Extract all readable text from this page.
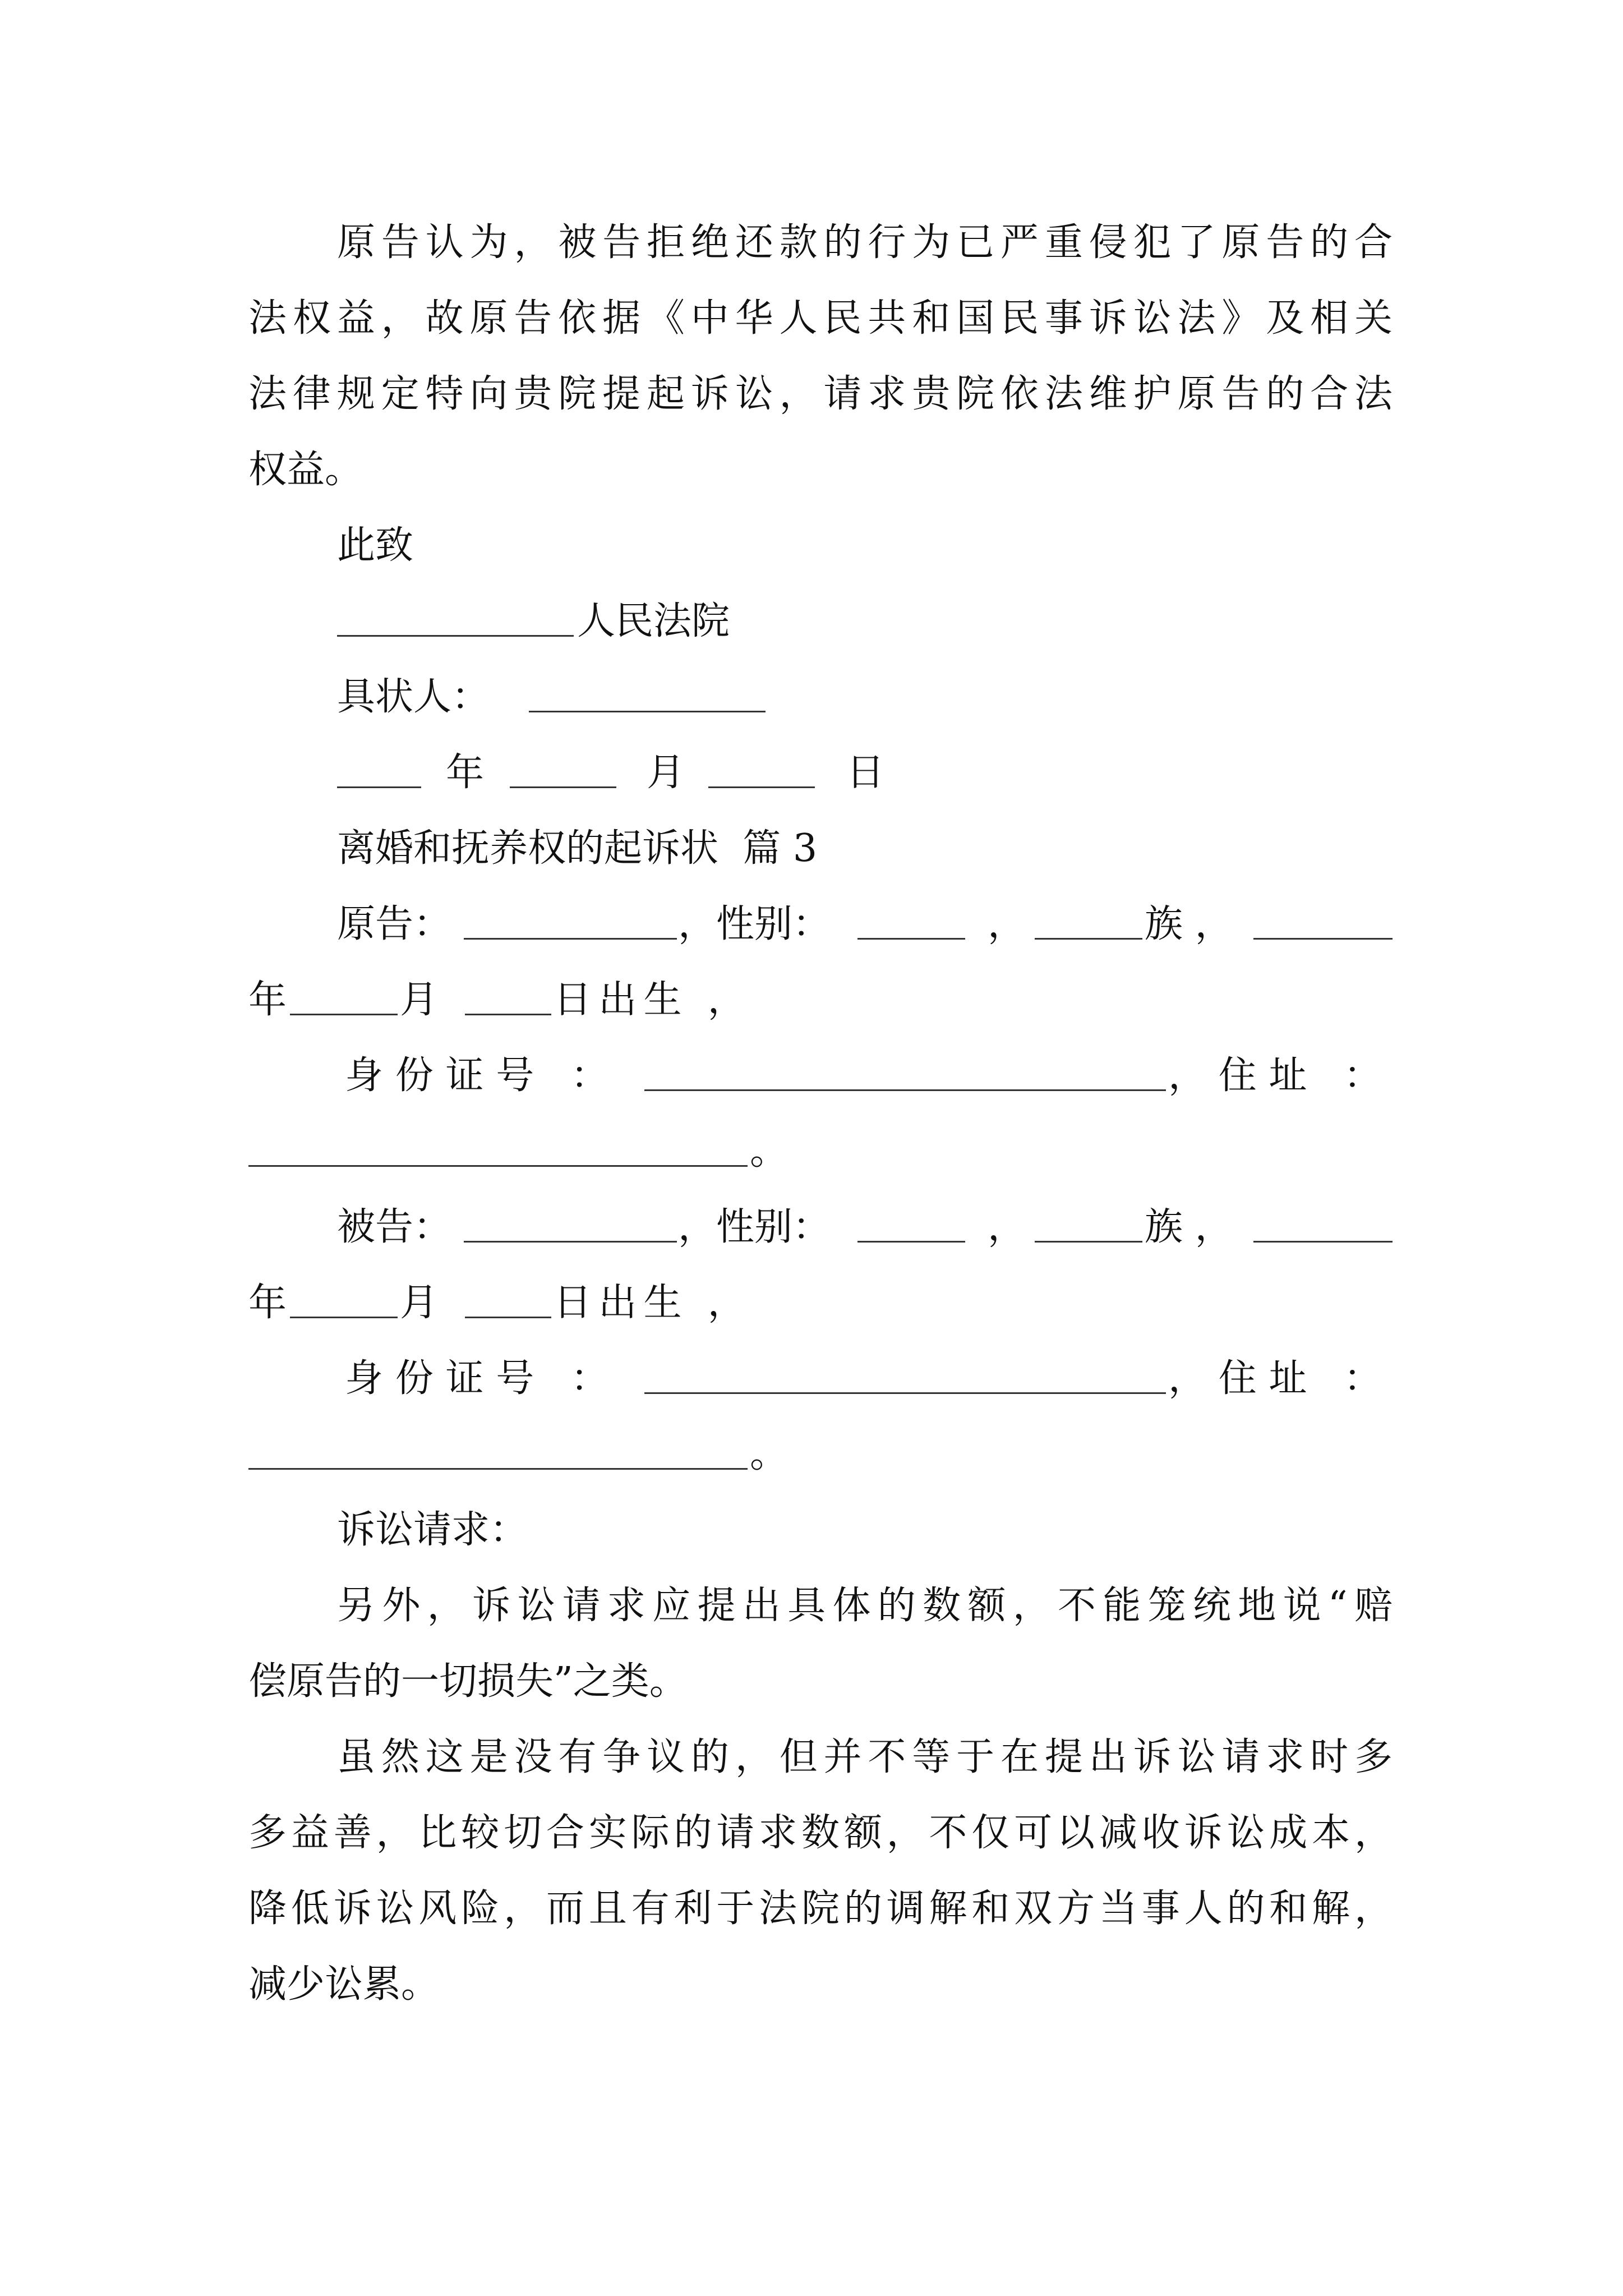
原告认为，被告拒绝还款的行为已严重侵犯了原告的合
法权益，故原告依据《中华人民共和国民事诉讼法》及相关
法律规定特向贵院提起诉讼，请求贵院依法维护原告的合法
权益。
此致
人民法院
具状人：
年	月	日
离婚和抚养权的起诉状  篇 3
原告：	，性别：	，	族 ，
年	月	日出生 ，
身份证号 ：	，住址 ：
。
被告：	，性别：	，	族 ，
年	月	日出生 ，
身份证号 ：	，住址 ：
。
诉讼请求：
另外，诉讼请求应提出具体的数额，不能笼统地说“赔
偿原告的一切损失”之类。
虽然这是没有争议的，但并不等于在提出诉讼请求时多
多益善，比较切合实际的请求数额，不仅可以减收诉讼成本，
降低诉讼风险，而且有利于法院的调解和双方当事人的和解，
减少讼累。
